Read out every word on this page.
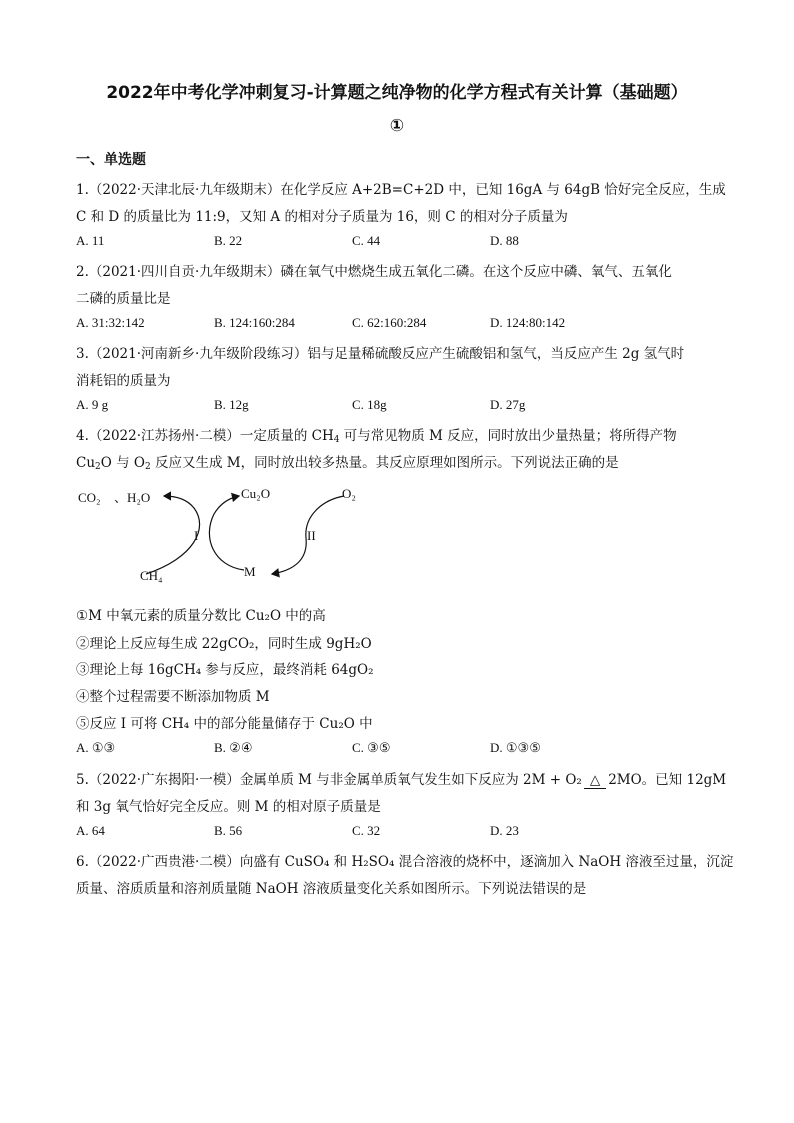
2022年中考化学冲刺复习-计算题之纯净物的化学方程式有关计算（基础题）
①
一、单选题
1.（2022·天津北辰·九年级期末）在化学反应 A+2B=C+2D 中，已知 16gA 与 64gB 恰好完全反应，生成
C 和 D 的质量比为 11:9，又知 A 的相对分子质量为 16，则 C 的相对分子质量为
A. 11	B. 22	C. 44	D. 88
2.（2021·四川自贡·九年级期末）磷在氧气中燃烧生成五氧化二磷。在这个反应中磷、氧气、五氧化
二磷的质量比是
A. 31:32:142	B. 124:160:284	C. 62:160:284	D. 124:80:142
3.（2021·河南新乡·九年级阶段练习）铝与足量稀硫酸反应产生硫酸铝和氢气，当反应产生 2g 氢气时
消耗铝的质量为
A. 9 g	B. 12g	C. 18g	D. 27g
4.（2022·江苏扬州·二模）一定质量的 $CH_4$ 可与常见物质 M 反应，同时放出少量热量；将所得产物
$Cu_2O$ 与 $O_2$ 反应又生成 M，同时放出较多热量。其反应原理如图所示。下列说法正确的是
CO₂ 、H₂O	Cu₂O	O₂
I	II
CH₄	M
①M 中氧元素的质量分数比 Cu₂O 中的高
②理论上反应每生成 22gCO₂，同时生成 9gH₂O
③理论上每 16gCH₄ 参与反应，最终消耗 64gO₂
④整个过程需要不断添加物质 M
⑤反应 I 可将 CH₄ 中的部分能量储存于 Cu₂O 中
A. ①③	B. ②④	C. ③⑤	D. ①③⑤
5.（2022·广东揭阳·一模）金属单质 M 与非金属单质氧气发生如下反应为 2M + O₂ △ 2MO。已知 12gM
和 3g 氧气恰好完全反应。则 M 的相对原子质量是
A. 64	B. 56	C. 32	D. 23
6.（2022·广西贵港·二模）向盛有 CuSO₄ 和 H₂SO₄ 混合溶液的烧杯中，逐滴加入 NaOH 溶液至过量，沉淀
质量、溶质质量和溶剂质量随 NaOH 溶液质量变化关系如图所示。下列说法错误的是
